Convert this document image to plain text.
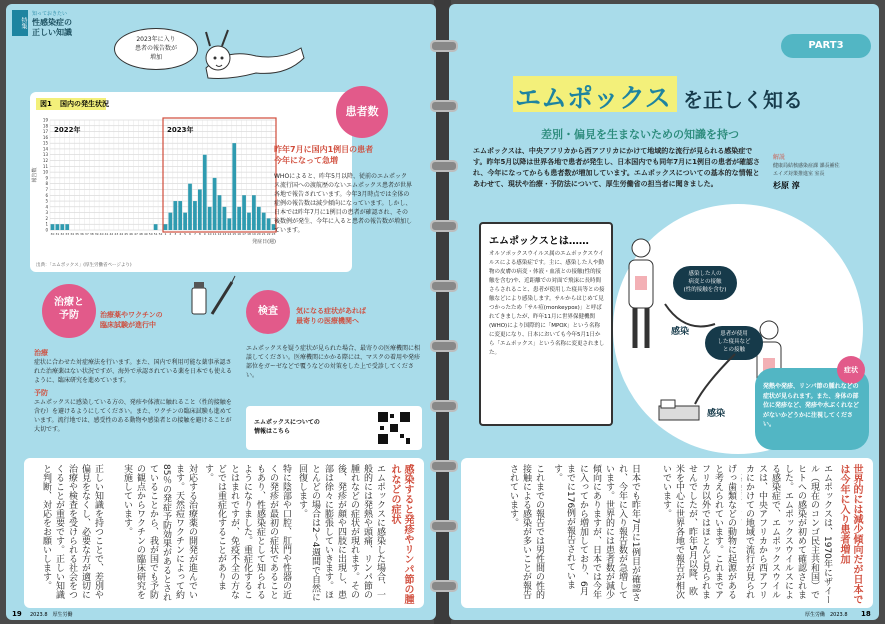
特集
知っておきたい
性感染症の
正しい知識
2023年に入り
患者の報告数が
増加
図1 国内の発生状況
0
1
2
3
4
5
6
7
8
9
10
11
12
13
14
15
16
17
18
19
30 31 32 33 34 35 36 37 38 39 40 41 42 43 44 45 46 47 48 49 50 51 52 1 2 3 4 5 6 7 8 9 10 11 12 13 14 15 16 17 18 19 20 21 22 23
2022年	2023年
報告数
発症日(週)
出典：「エムポックス」(厚生労働省ページより)
患者数
昨年7月に国内1例目の患者
今年になって急増
WHOによると、昨年5月以降、従前のエムポックス流行国への渡航歴のないエムポックス患者が世界各地で報告されています。今年3月時点では全体の症例の報告数は減少傾向になっています。しかし、日本では昨年7月に1例目の患者が確認され、その後数例が発生、今年に入ると患者の報告数が増加しています。
治療と
予防	治療薬やワクチンの
臨床試験が進行中
治療
症状に合わせた対症療法を行います。また、国内で利用可能な薬事承認された治療薬はない状況ですが、海外で承認されている薬を日本でも使えるように、臨床研究を進めています。
予防
エムポックスに感染している方の、発疹や体液に触れること（性的接触を含む）を避けるようにしてください。また、ワクチンの臨床試験も進めています。流行地では、感受性のある動物や感染者との接触を避けることが大切です。
検査	気になる症状があれば
最寄りの医療機関へ
エムポックスを疑う症状が見られた場合、最寄りの医療機関に相談してください。医療機関にかかる際には、マスクの着用や発疹部位をガーゼなどで覆うなどの対策をした上で受診してください。
エムポックスについての
情報はこちら
感染すると発疹やリンパ節の腫れなどの症状
エムポックスに感染した場合、一般的には発熱や頭痛、リンパ節の腫れなどの症状が現れます。その後、発疹が顔や四肢に出現し、患部は徐々に膨張していきます。ほとんどの場合は2〜4週間で自然に回復します。
特に陰部や口腔、肛門や性器の近くの発疹が最初の症状であることもあり、性感染症として知られるようになりました。重症化することはまれですが、免疫不全の方などでは重症化することがあります。
対応する治療薬の開発が進んでいます。天然痘ワクチンによって約85％の発症予防効果があるとされていることから、我が国でも予防の観点からワクチンの臨床研究を実施しています。
正しい知識を持つことで、差別や偏見をなくし、必要な方が適切に治療や検査を受けられる社会をつくることが重要です。正しい知識と判断、対応をお願いします。
19 2023.8　厚生労働
PART3
エムポックス を正しく知る
差別・偏見を生まないための知識を持つ
エムポックスは、中央アフリカから西アフリカにかけて地域的な流行が見られる感染症です。昨年5月以降は世界各地で患者が発生し、日本国内でも同年7月に1例目の患者が確認され、今年になってからも患者数が増加しています。エムポックスについての基本的な情報とあわせて、現状や治療・予防法について、厚生労働省の担当者に聞きました。
解説
健康局結核感染症課 課長補佐
エイズ対策推進室 室長
杉原 淳
エムポックスとは……
オルソポックスウイルス属のエムポックスウイルスによる感染症です。主に、感染した人や動物の皮膚の病変・体液・血液との接触(性的接触を含む)や、近距離での対面で飛沫に長時間さらされること、患者が使用した寝具等との接触などにより感染します。サルからはじめて見つかったため「サル痘(monkeypox)」と呼ばれてきましたが、昨年11月に世界保健機関(WHO)により国際的に「MPOX」という名称に変更になり、日本においても今年5月1日から「エムポックス」という名称に変更されました。
感染した人の
病変との接触
(性的接触を含む)
患者が使用
した寝具など
との接触
感染
感染
症状
発熱や発疹、リンパ節の腫れなどの症状が見られます。また、身体の部位に発疹など、発疹や水ぶくれなどがないかどうかに注視してください。
世界的には減少傾向だが日本では今年に入り患者増加
エムポックスは、1970年にザイール（現在のコンゴ民主共和国）でヒトへの感染が初めて確認されました。エムポックスウイルスによる感染症で、エムポックスウイルスは、中央アフリカから西アフリカにかけての地域で流行が見られ
げっ歯類などの動物に起源があると考えられています。これまでアフリカ以外ではほとんど見られませんでしたが、昨年5月以降、欧米を中心に世界各地で報告が相次いでいます。
日本でも昨年7月に1例目が確認され、今年に入り報告数が急増しています。世界的には患者数が減少傾向にありますが、日本では今年に入ってから増加しており、6月までに176例が報告されています。
これまでの報告では男性間の性的接触による感染が多いことが報告されています。
厚生労働　2023.8 18
